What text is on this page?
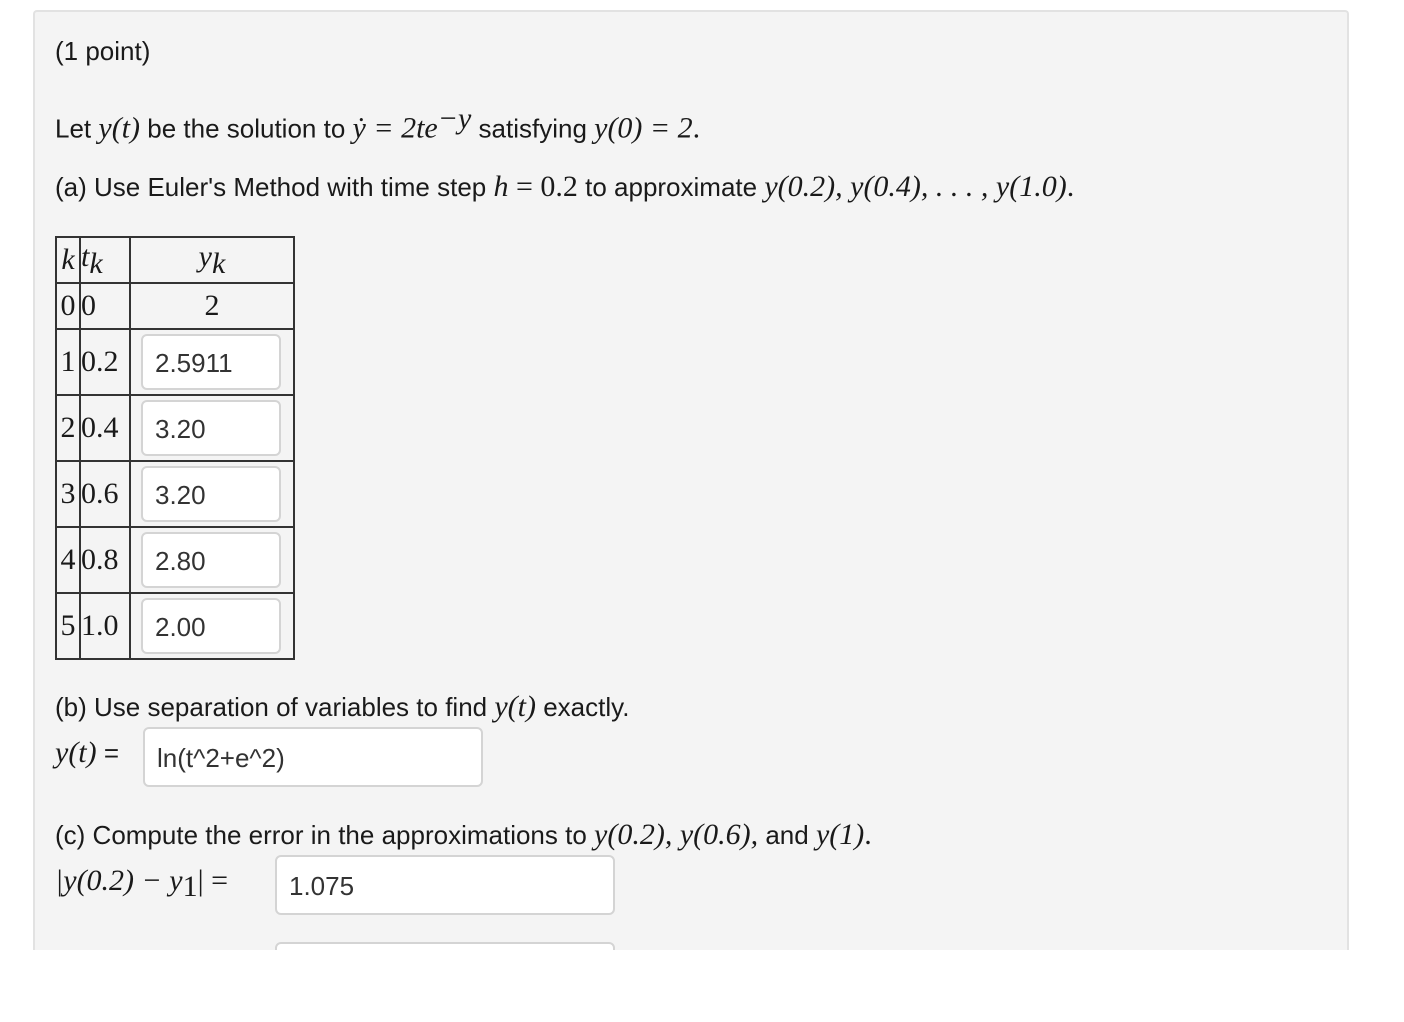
(1 point)
Let y(t) be the solution to ẏ = $2te^{-y}$ satisfying y(0) = 2.
(a) Use Euler's Method with time step h = 0.2 to approximate y(0.2), y(0.4), . . . , y(1.0).
k	$t_k$	$y_k$
0	0	2
1	0.2	2.5911

2	0.4	3.20

3	0.6	3.20

4	0.8	2.80

5	1.0	2.00
(b) Use separation of variables to find y(t) exactly.
y(t) =	ln(t^2+e^2)
(c) Compute the error in the approximations to y(0.2), y(0.6), and y(1).
$|y(0.2) - y_1|$ =	1.075
